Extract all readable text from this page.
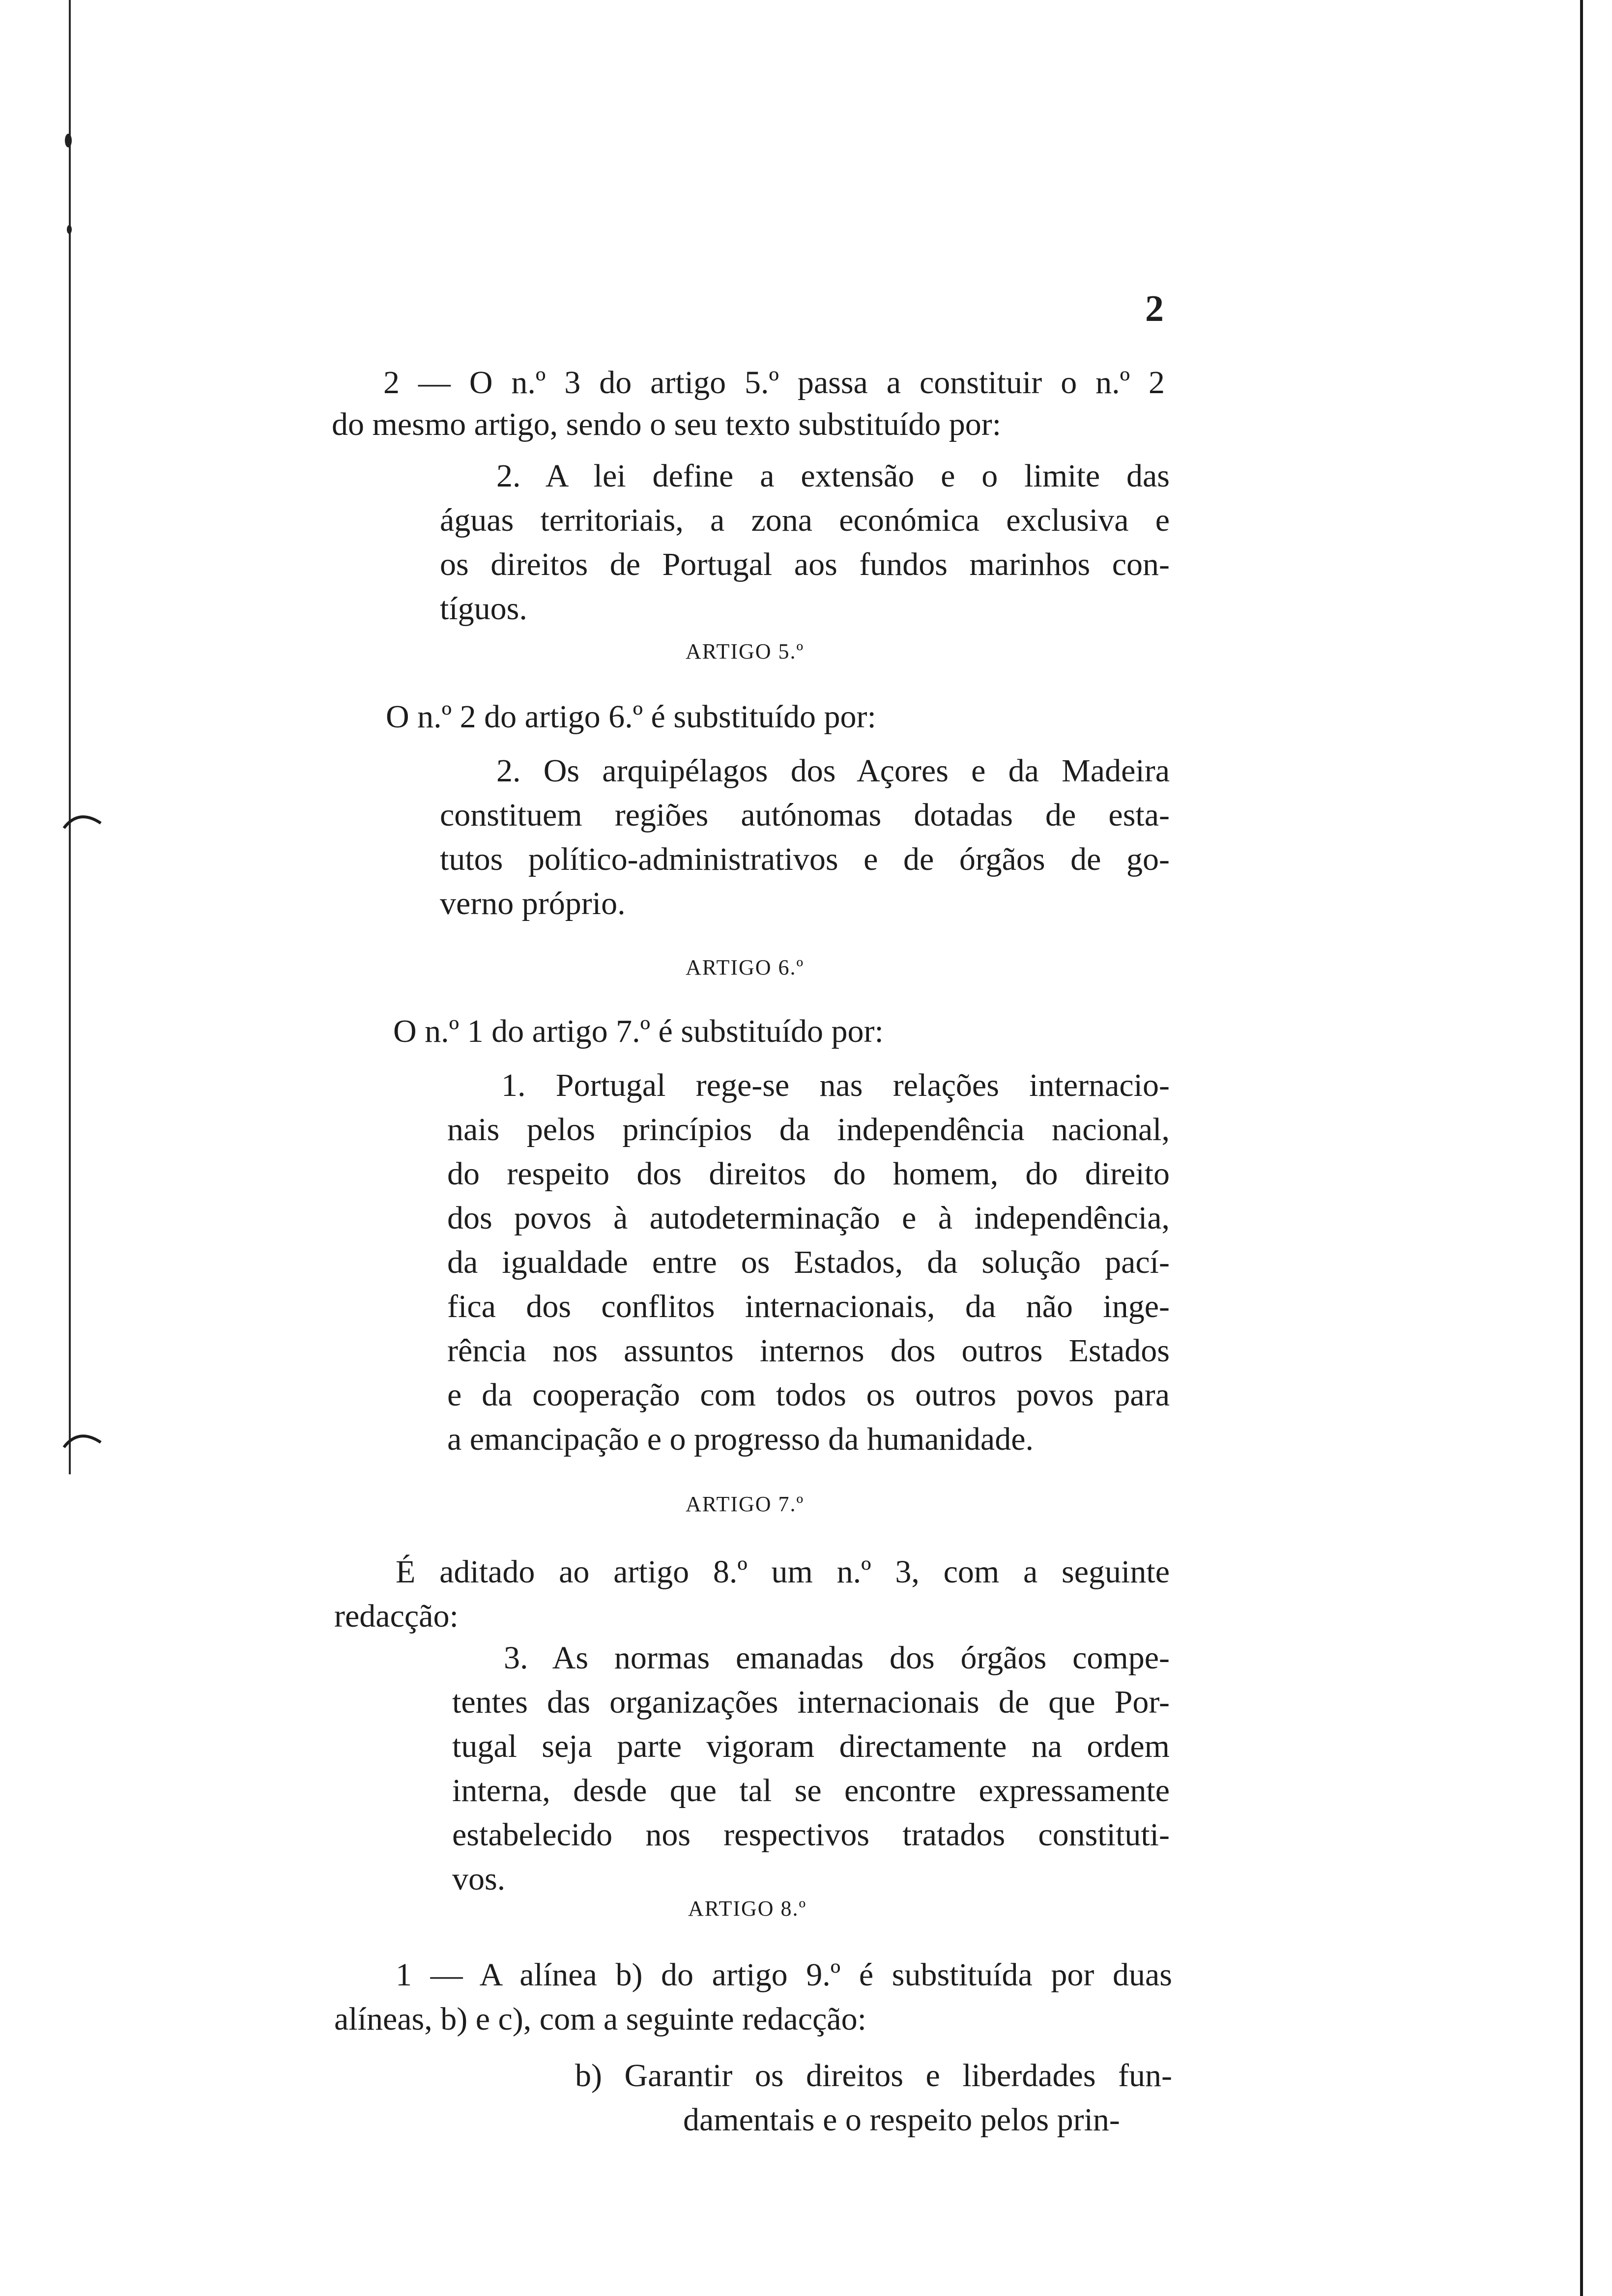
2
2 — O n.º 3 do artigo 5.º passa a constituir o n.º 2
do mesmo artigo, sendo o seu texto substituído por:
2. A lei define a extensão e o limite das
águas territoriais, a zona económica exclusiva e
os direitos de Portugal aos fundos marinhos con-
tíguos.
ARTIGO 5.º
O n.º 2 do artigo 6.º é substituído por:
2. Os arquipélagos dos Açores e da Madeira
constituem regiões autónomas dotadas de esta-
tutos político-administrativos e de órgãos de go-
verno próprio.
ARTIGO 6.º
O n.º 1 do artigo 7.º é substituído por:
1. Portugal rege-se nas relações internacio-
nais pelos princípios da independência nacional,
do respeito dos direitos do homem, do direito
dos povos à autodeterminação e à independência,
da igualdade entre os Estados, da solução pací-
fica dos conflitos internacionais, da não inge-
rência nos assuntos internos dos outros Estados
e da cooperação com todos os outros povos para
a emancipação e o progresso da humanidade.
ARTIGO 7.º
É aditado ao artigo 8.º um n.º 3, com a seguinte
redacção:
3. As normas emanadas dos órgãos compe-
tentes das organizações internacionais de que Por-
tugal seja parte vigoram directamente na ordem
interna, desde que tal se encontre expressamente
estabelecido nos respectivos tratados constituti-
vos.
ARTIGO 8.º
1 — A alínea b) do artigo 9.º é substituída por duas
alíneas, b) e c), com a seguinte redacção:
b) Garantir os direitos e liberdades fun-
damentais e o respeito pelos prin-
